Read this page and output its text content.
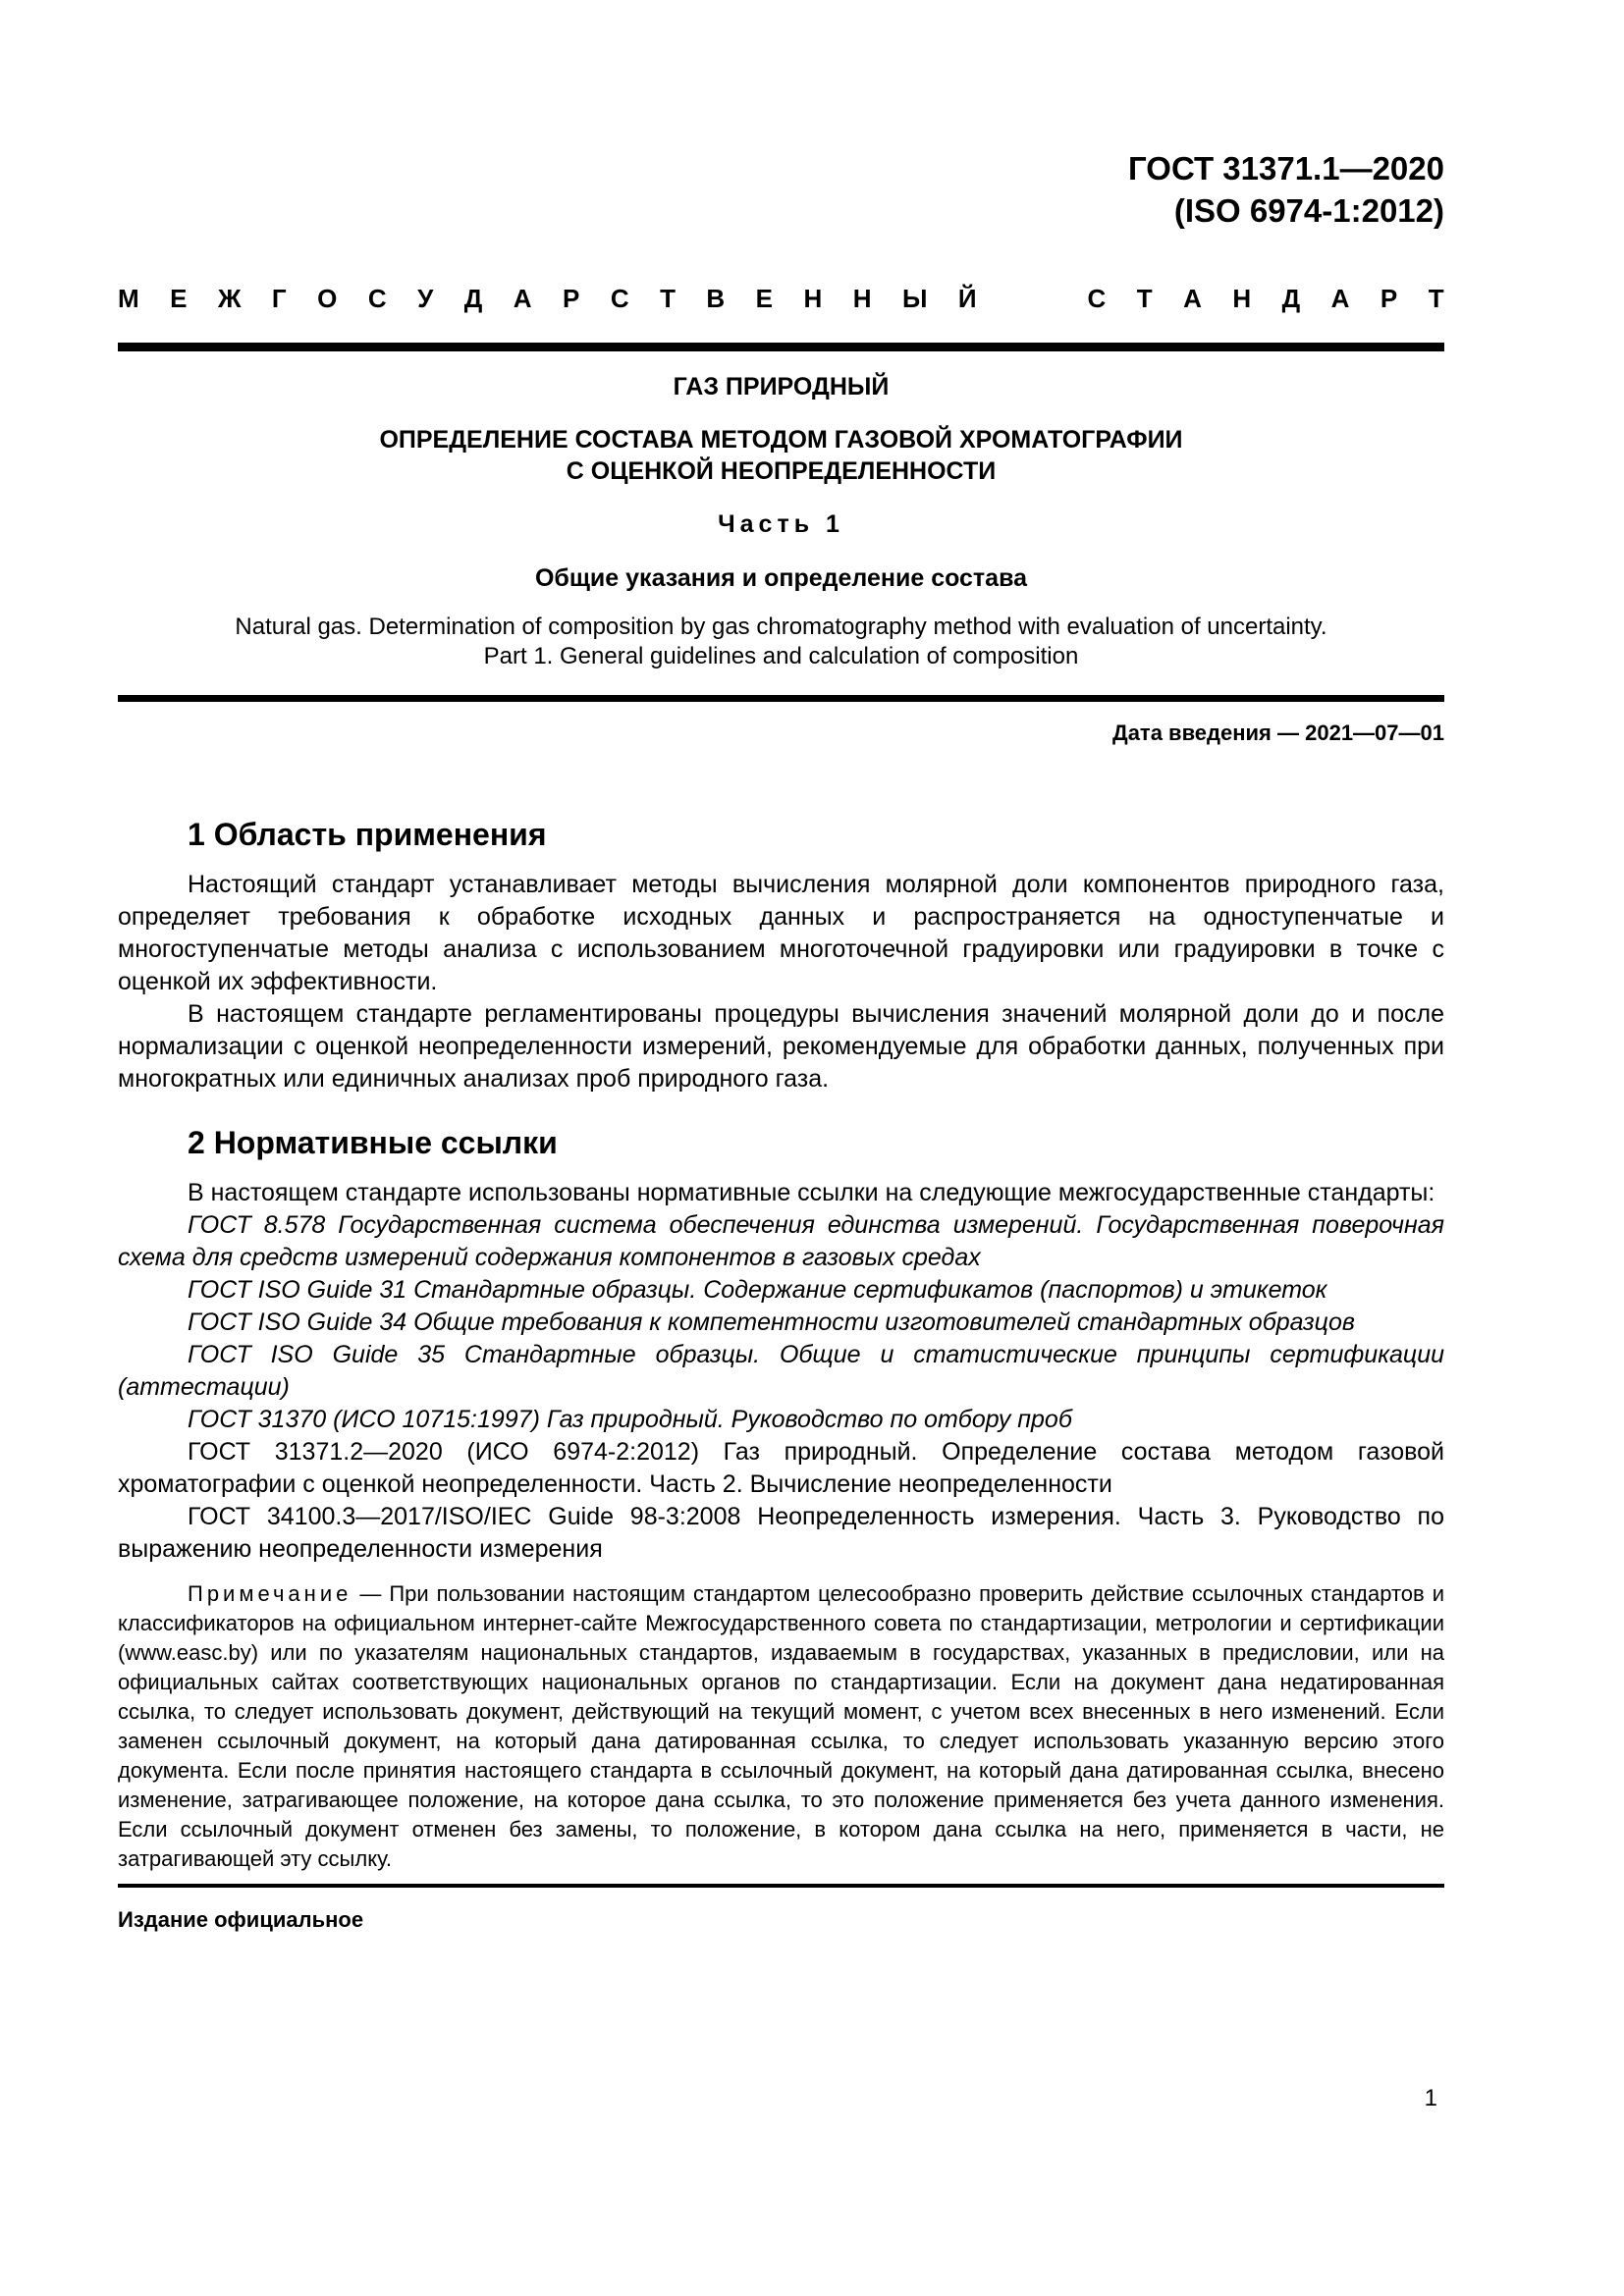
ГОСТ 31371.1—2020
(ISO 6974-1:2012)
М Е Ж Г О С У Д А Р С Т В Е Н Н Ы Й	С Т А Н Д А Р Т
ГАЗ ПРИРОДНЫЙ
ОПРЕДЕЛЕНИЕ СОСТАВА МЕТОДОМ ГАЗОВОЙ ХРОМАТОГРАФИИ
С ОЦЕНКОЙ НЕОПРЕДЕЛЕННОСТИ
Часть 1
Общие указания и определение состава
Natural gas. Determination of composition by gas chromatography method with evaluation of uncertainty.
Part 1. General guidelines and calculation of composition
Дата введения — 2021—07—01
1 Область применения

Настоящий стандарт устанавливает методы вычисления молярной доли компонентов природного газа, определяет требования к обработке исходных данных и распространяется на одноступенчатые и многоступенчатые методы анализа с использованием многоточечной градуировки или градуировки в точке с оценкой их эффективности.

В настоящем стандарте регламентированы процедуры вычисления значений молярной доли до и после нормализации с оценкой неопределенности измерений, рекомендуемые для обработки данных, полученных при многократных или единичных анализах проб природного газа.

2 Нормативные ссылки

В настоящем стандарте использованы нормативные ссылки на следующие межгосударственные стандарты:

ГОСТ 8.578 Государственная система обеспечения единства измерений. Государственная поверочная схема для средств измерений содержания компонентов в газовых средах

ГОСТ ISO Guide 31 Стандартные образцы. Содержание сертификатов (паспортов) и этикеток

ГОСТ ISO Guide 34 Общие требования к компетентности изготовителей стандартных образцов

ГОСТ ISO Guide 35 Стандартные образцы. Общие и статистические принципы сертификации (аттестации)

ГОСТ 31370 (ИСО 10715:1997) Газ природный. Руководство по отбору проб

ГОСТ 31371.2—2020 (ИСО 6974-2:2012) Газ природный. Определение состава методом газовой хроматографии с оценкой неопределенности. Часть 2. Вычисление неопределенности

ГОСТ 34100.3—2017/ISO/IEC Guide 98-3:2008 Неопределенность измерения. Часть 3. Руководство по выражению неопределенности измерения

Примечание — При пользовании настоящим стандартом целесообразно проверить действие ссылочных стандартов и классификаторов на официальном интернет-сайте Межгосударственного совета по стандартизации, метрологии и сертификации (www.easc.by) или по указателям национальных стандартов, издаваемым в государствах, указанных в предисловии, или на официальных сайтах соответствующих национальных органов по стандартизации. Если на документ дана недатированная ссылка, то следует использовать документ, действующий на текущий момент, с учетом всех внесенных в него изменений. Если заменен ссылочный документ, на который дана датированная ссылка, то следует использовать указанную версию этого документа. Если после принятия настоящего стандарта в ссылочный документ, на который дана датированная ссылка, внесено изменение, затрагивающее положение, на которое дана ссылка, то это положение применяется без учета данного изменения. Если ссылочный документ отменен без замены, то положение, в котором дана ссылка на него, применяется в части, не затрагивающей эту ссылку.
Издание официальное
1
